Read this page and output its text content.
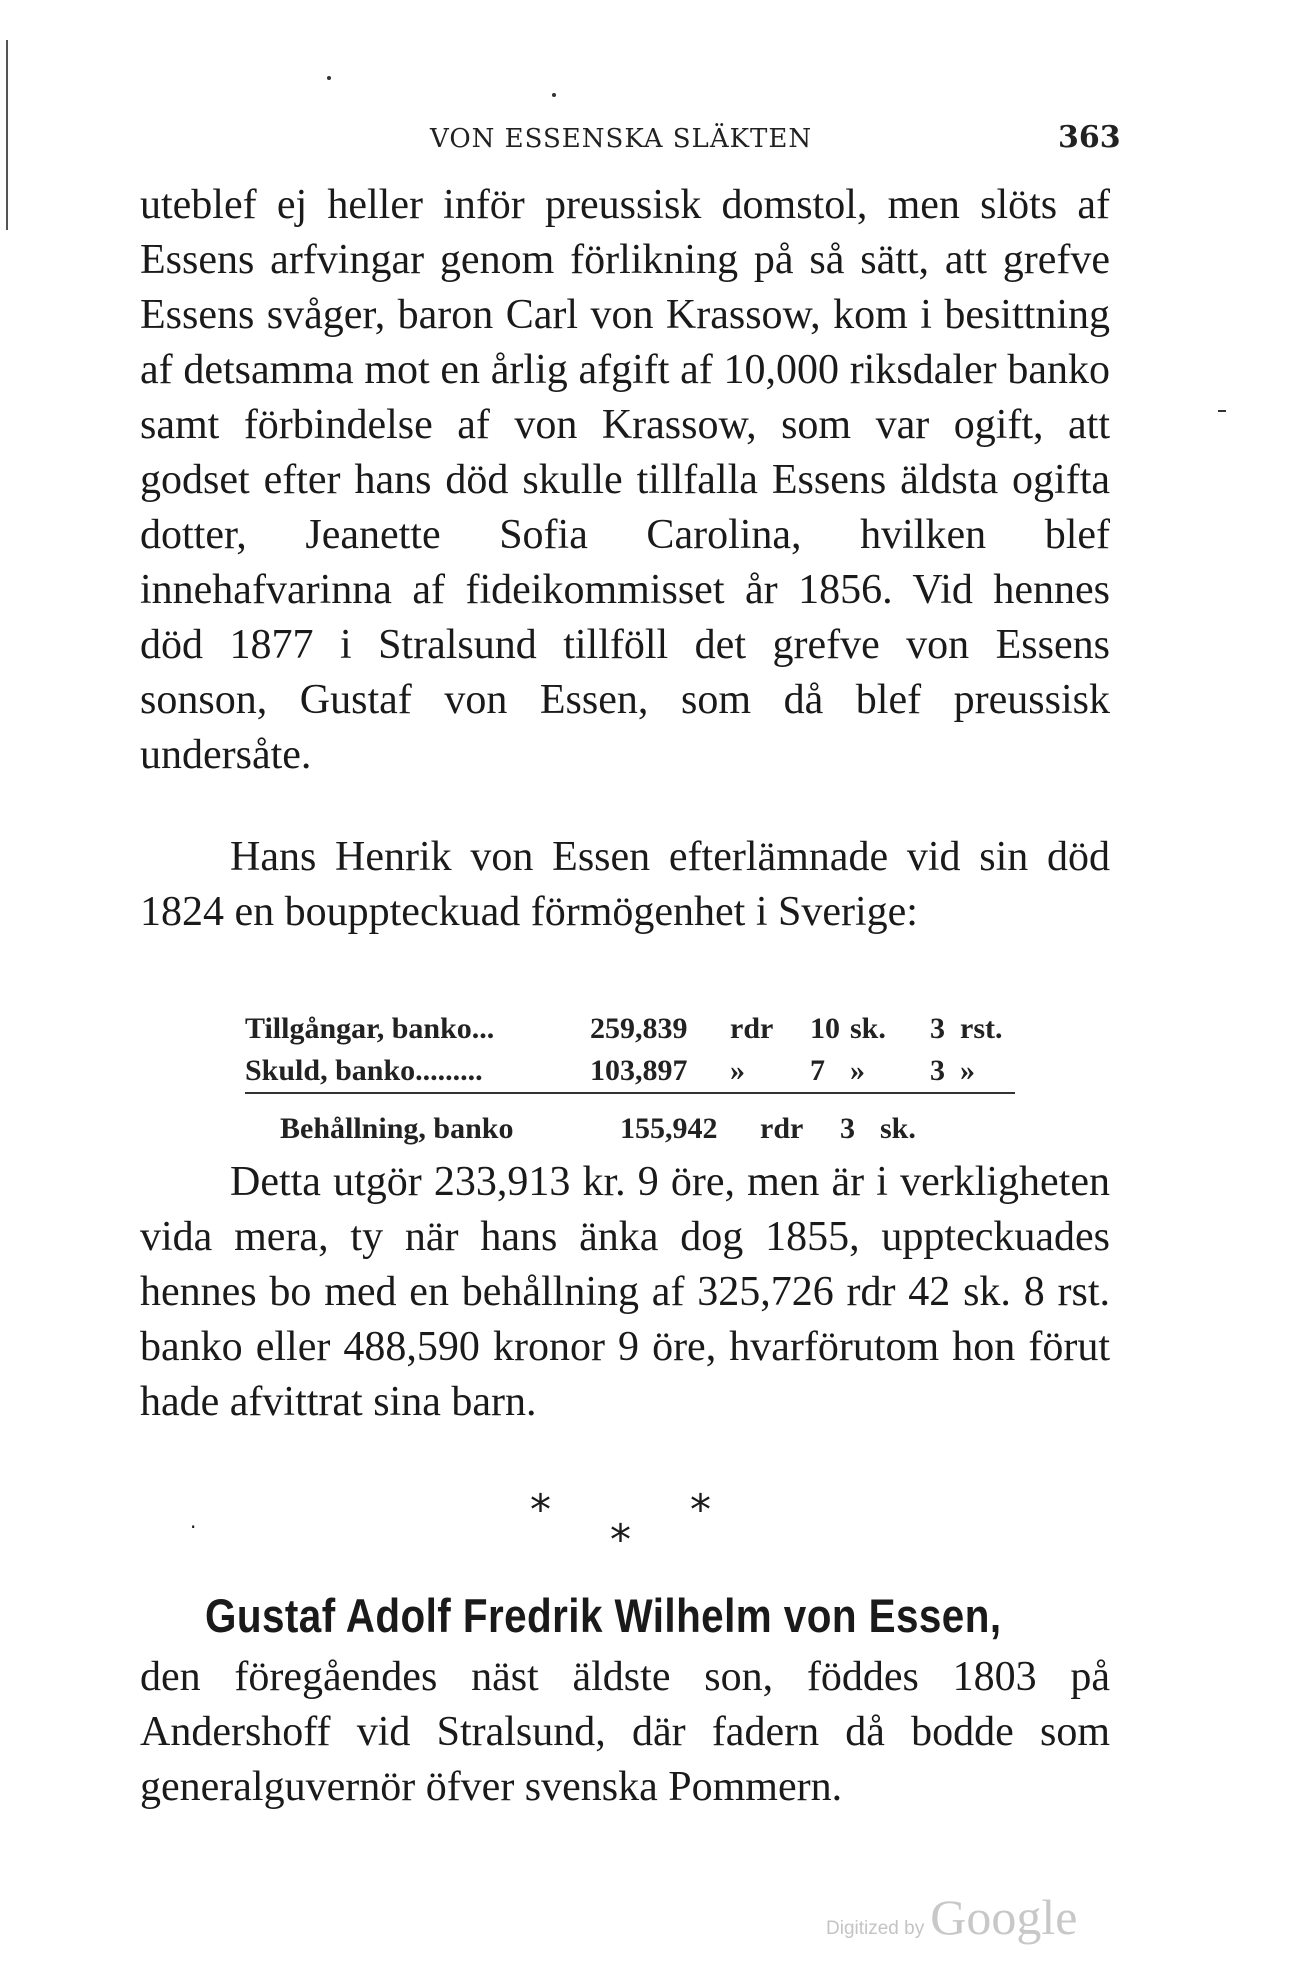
VON ESSENSKA SLÄKTEN	363
uteblef ej heller inför preussisk domstol, men slöts af Essens arfvingar genom förlikning på så sätt, att grefve Essens svåger, baron Carl von Krassow, kom i besittning af detsamma mot en årlig afgift af 10,000 riksdaler banko samt förbindelse af von Krassow, som var ogift, att godset efter hans död skulle tillfalla Essens äldsta ogifta dotter, Jeanette Sofia Carolina, hvilken blef innehafvarinna af fideikommisset år 1856. Vid hennes död 1877 i Stralsund tillföll det grefve von Essens sonson, Gustaf von Essen, som då blef preussisk undersåte.
Hans Henrik von Essen efterlämnade vid sin död 1824 en bouppteckuad förmögenhet i Sverige:
Tillgångar, banko...	259,839	rdr	10 sk.	3 rst.
Skuld, banko.........	103,897	»	7 »	3 »
Behållning, banko	155,942	rdr	3 sk.
Detta utgör 233,913 kr. 9 öre, men är i verkligheten vida mera, ty när hans änka dog 1855, uppteckuades hennes bo med en behållning af 325,726 rdr 42 sk. 8 rst. banko eller 488,590 kronor 9 öre, hvarförutom hon förut hade afvittrat sina barn.
·	*
*
*
Gustaf Adolf Fredrik Wilhelm von Essen,
den föregåendes näst äldste son, föddes 1803 på Andershoff vid Stralsund, där fadern då bodde som generalguvernör öfver svenska Pommern.
Digitized by Google
